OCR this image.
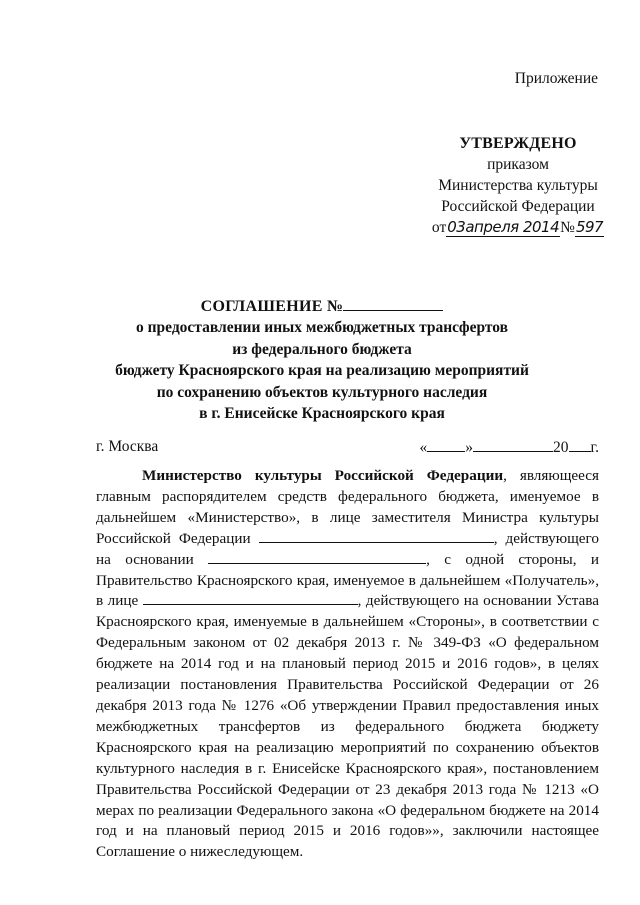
Приложение
УТВЕРЖДЕНО
приказом
Министерства культуры
Российской Федерации
от03апреля 2014№597
СОГЛАШЕНИЕ №
о предоставлении иных межбюджетных трансфертов
из федерального бюджета
бюджету Красноярского края на реализацию мероприятий
по сохранению объектов культурного наследия
в г. Енисейске Красноярского края
г. Москва	« »	20 г.
Министерство культуры Российской Федерации, являющееся главным распорядителем средств федерального бюджета, именуемое в дальнейшем «Министерство», в лице заместителя Министра культуры Российской Федерации	, действующего на основании	, с одной стороны, и Правительство Красноярского края, именуемое в дальнейшем «Получатель», в лице	, действующего на основании Устава Красноярского края, именуемые в дальнейшем «Стороны», в соответствии с Федеральным законом от 02 декабря 2013 г. № 349-ФЗ «О федеральном бюджете на 2014 год и на плановый период 2015 и 2016 годов», в целях реализации постановления Правительства Российской Федерации от 26 декабря 2013 года № 1276 «Об утверждении Правил предоставления иных межбюджетных трансфертов из федерального бюджета бюджету Красноярского края на реализацию мероприятий по сохранению объектов культурного наследия в г. Енисейске Красноярского края», постановлением Правительства Российской Федерации от 23 декабря 2013 года № 1213 «О мерах по реализации Федерального закона «О федеральном бюджете на 2014 год и на плановый период 2015 и 2016 годов»», заключили настоящее Соглашение о нижеследующем.
